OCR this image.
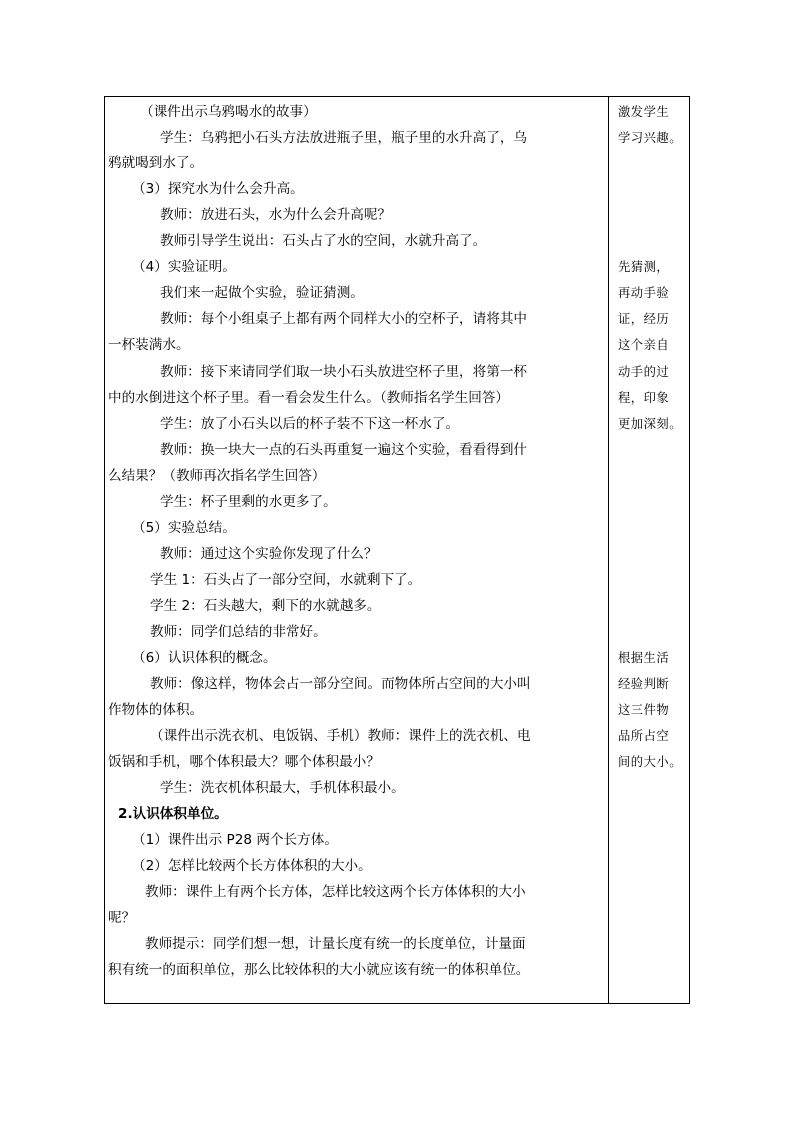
（课件出示乌鸦喝水的故事）
学生：乌鸦把小石头方法放进瓶子里，瓶子里的水升高了，乌
鸦就喝到水了。
（3）探究水为什么会升高。
教师：放进石头，水为什么会升高呢？
教师引导学生说出：石头占了水的空间，水就升高了。
（4）实验证明。
我们来一起做个实验，验证猜测。
教师：每个小组桌子上都有两个同样大小的空杯子，请将其中
一杯装满水。
教师：接下来请同学们取一块小石头放进空杯子里，将第一杯
中的水倒进这个杯子里。看一看会发生什么。（教师指名学生回答）
学生：放了小石头以后的杯子装不下这一杯水了。
教师：换一块大一点的石头再重复一遍这个实验，看看得到什
么结果？（教师再次指名学生回答）
学生：杯子里剩的水更多了。
（5）实验总结。
教师：通过这个实验你发现了什么？
学生 1：石头占了一部分空间，水就剩下了。
学生 2：石头越大，剩下的水就越多。
教师：同学们总结的非常好。
（6）认识体积的概念。
教师：像这样，物体会占一部分空间。而物体所占空间的大小叫
作物体的体积。
（课件出示洗衣机、电饭锅、手机）教师：课件上的洗衣机、电
饭锅和手机，哪个体积最大？哪个体积最小？
学生：洗衣机体积最大，手机体积最小。
2.认识体积单位。
（1）课件出示 P28 两个长方体。
（2）怎样比较两个长方体体积的大小。
教师：课件上有两个长方体，怎样比较这两个长方体体积的大小
呢？
教师提示：同学们想一想，计量长度有统一的长度单位，计量面
积有统一的面积单位，那么比较体积的大小就应该有统一的体积单位。
激发学生
学习兴趣。
先猜测，
再动手验
证，经历
这个亲自
动手的过
程，印象
更加深刻。
根据生活
经验判断
这三件物
品所占空
间的大小。
